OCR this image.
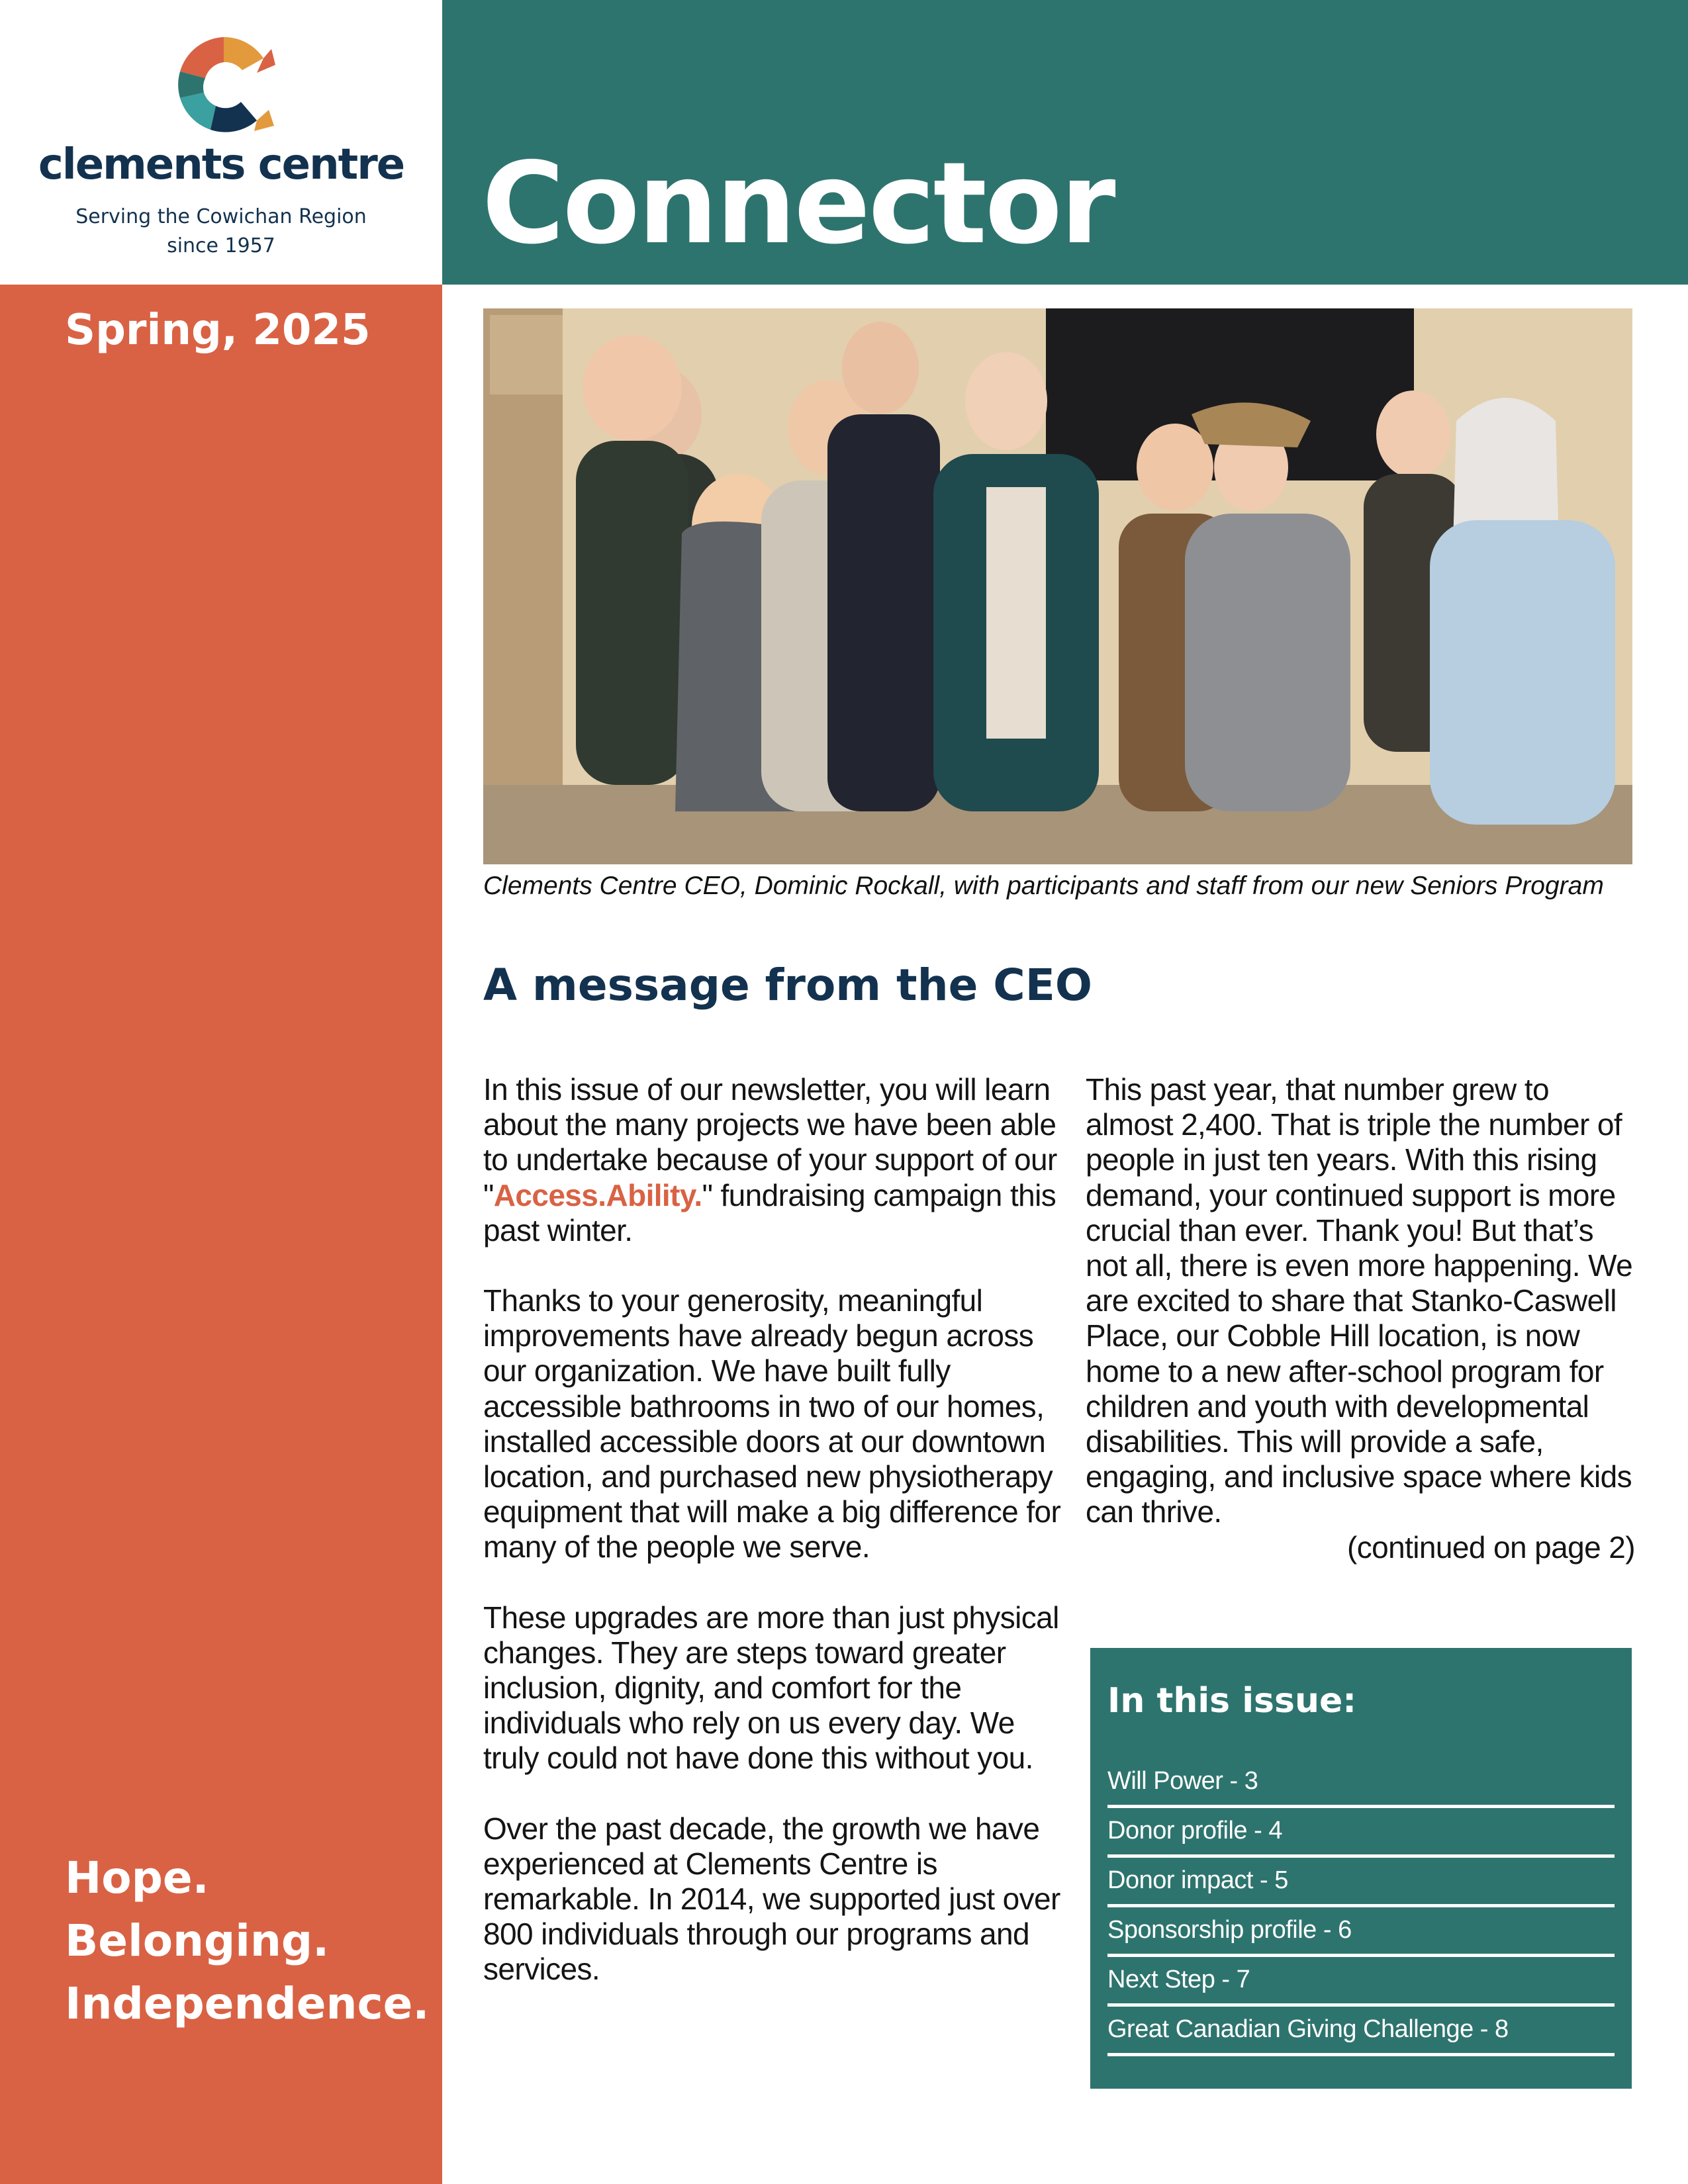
clements centre
Serving the Cowichan Region
since 1957	Connector
Spring, 2025
Hope.
Belonging.
Independence.
Clements Centre CEO, Dominic Rockall, with participants and staff from our new Seniors Program
A message from the CEO

In this issue of our newsletter, you will learn about the many projects we have been able to undertake because of your support of our "Access.Ability." fundraising campaign this past winter.

Thanks to your generosity, meaningful improvements have already begun across our organization. We have built fully accessible bathrooms in two of our homes, installed accessible doors at our downtown location, and purchased new physiotherapy equipment that will make a big difference for many of the people we serve.

These upgrades are more than just physical changes. They are steps toward greater inclusion, dignity, and comfort for the individuals who rely on us every day. We truly could not have done this without you.

Over the past decade, the growth we have experienced at Clements Centre is remarkable. In 2014, we supported just over 800 individuals through our programs and services.

This past year, that number grew to almost 2,400. That is triple the number of people in just ten years. With this rising demand, your continued support is more crucial than ever. Thank you! But that’s not all, there is even more happening. We are excited to share that Stanko-Caswell Place, our Cobble Hill location, is now home to a new after-school program for children and youth with developmental disabilities. This will provide a safe, engaging, and inclusive space where kids can thrive.

(continued on page 2)

In this issue:
Will Power - 3
Donor profile - 4
Donor impact - 5
Sponsorship profile - 6
Next Step - 7
Great Canadian Giving Challenge - 8
